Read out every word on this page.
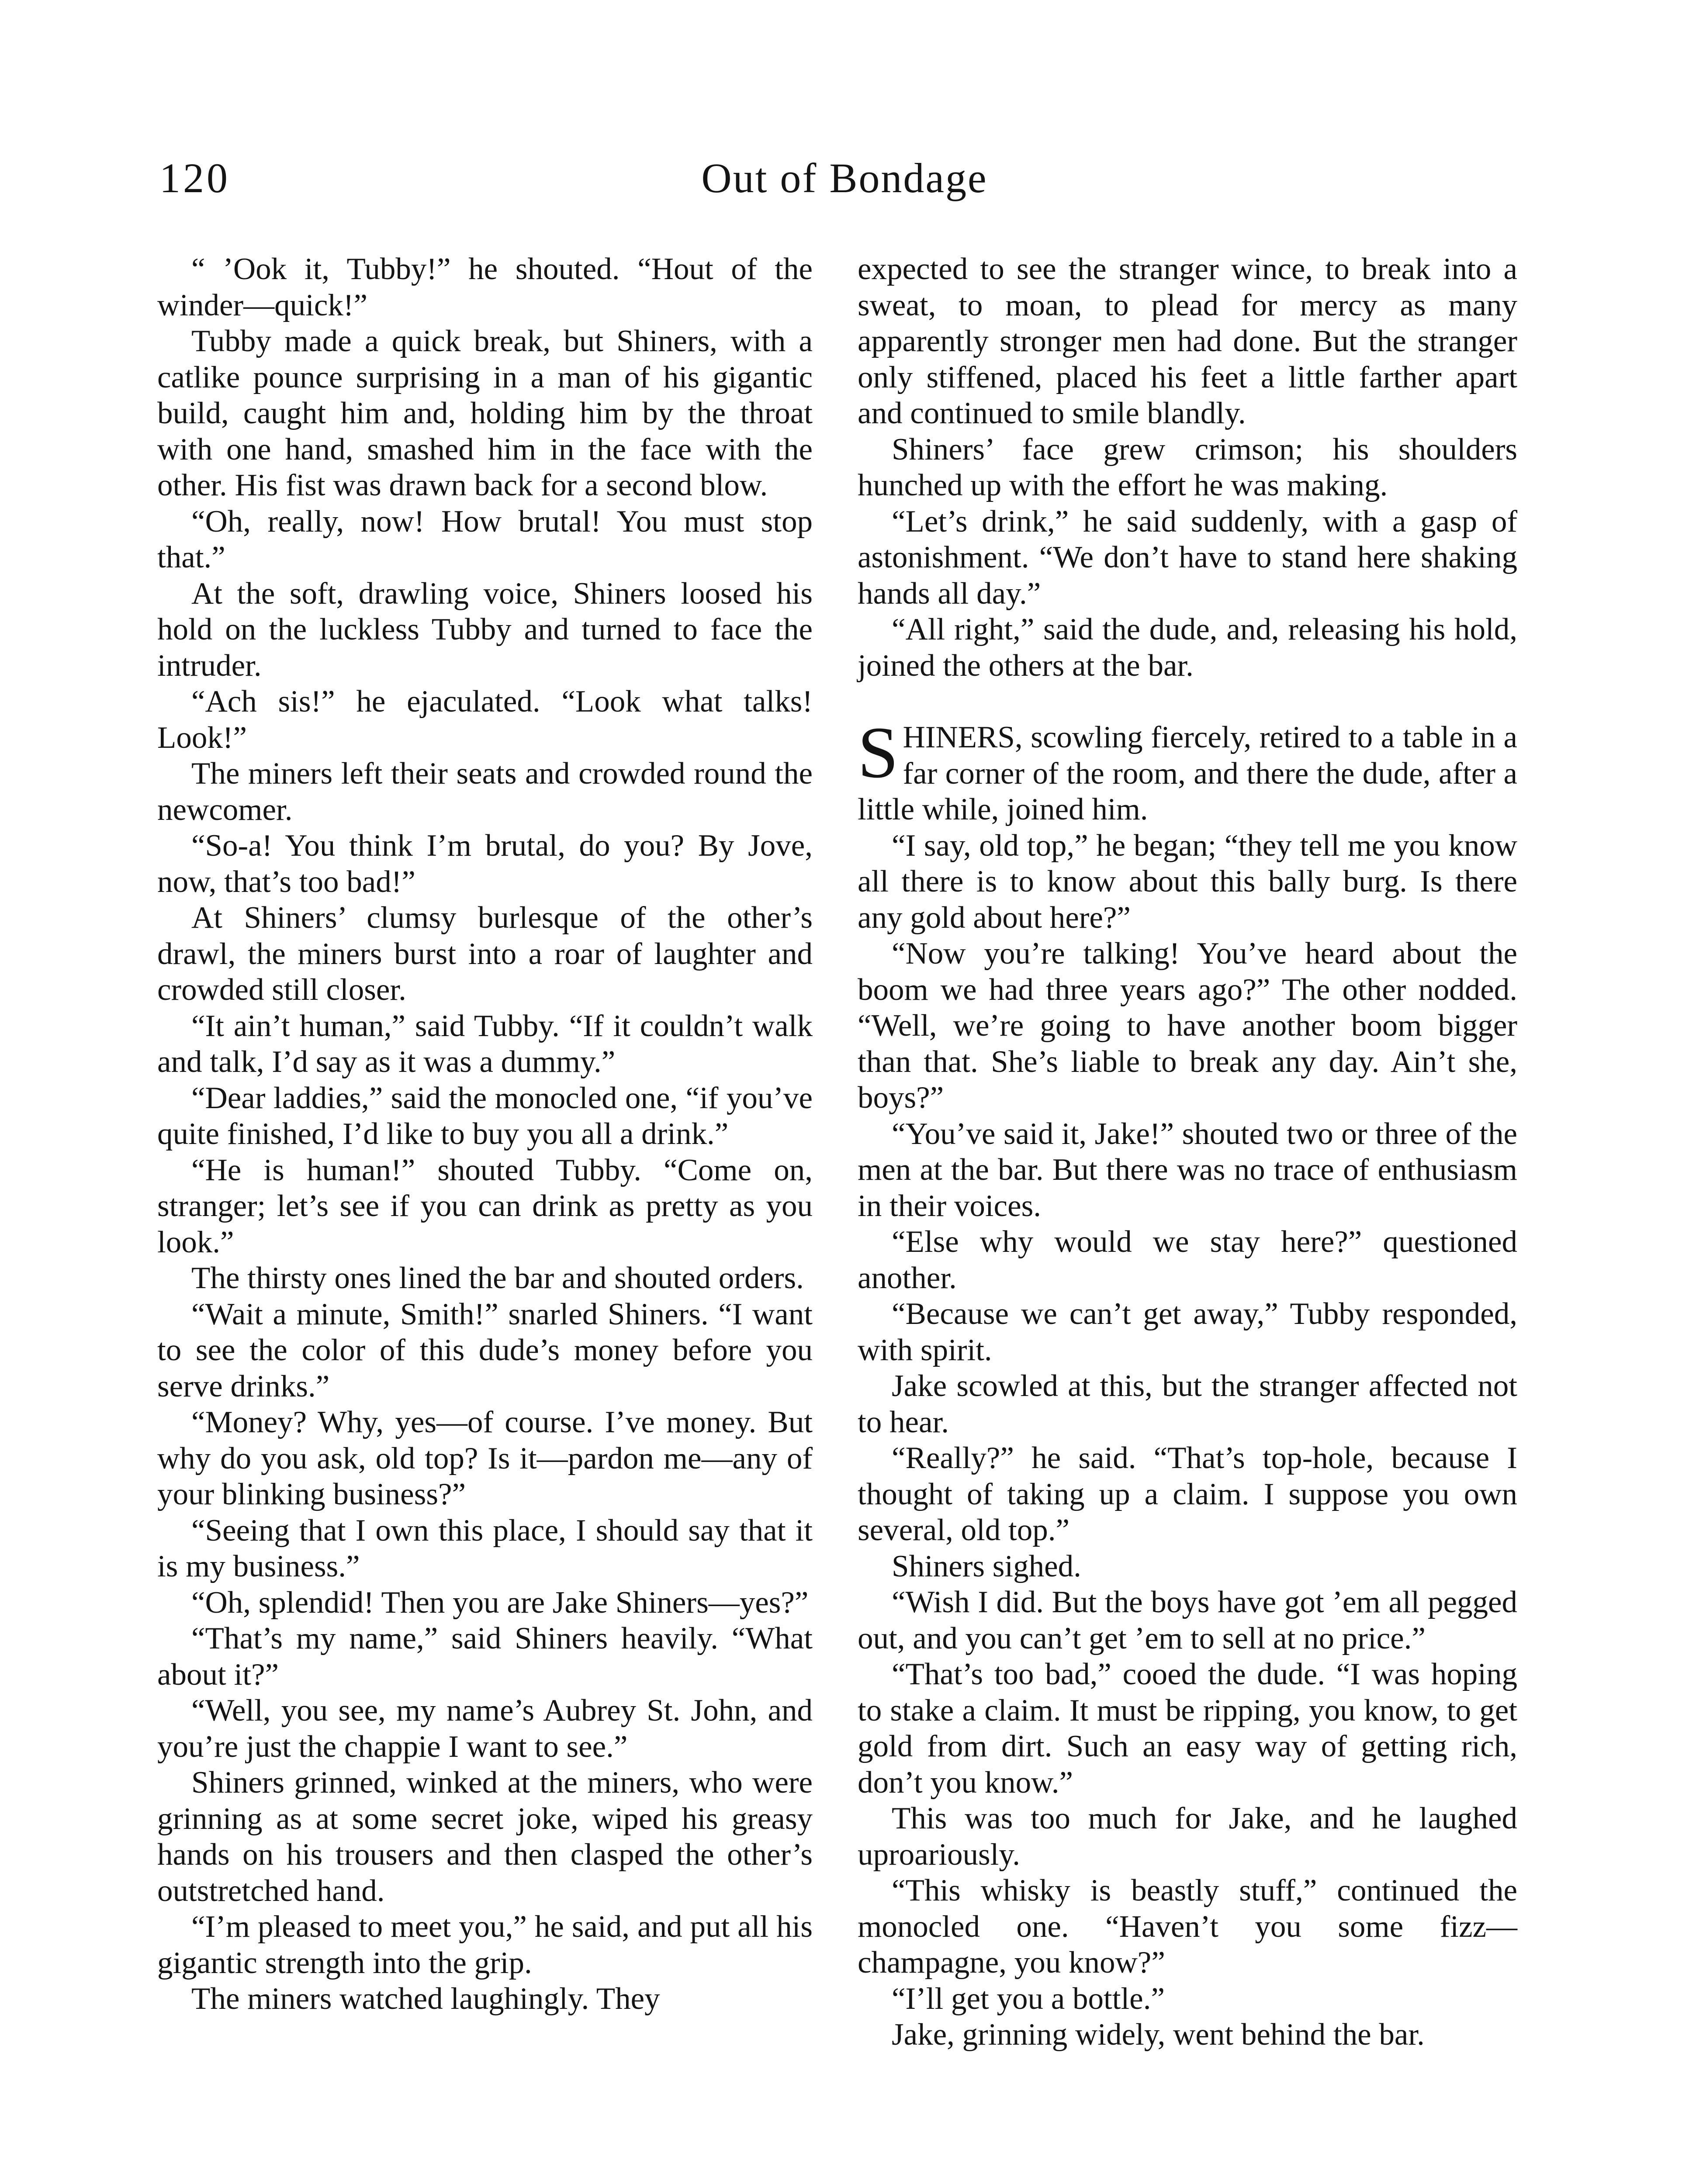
120	Out of Bondage

“ ’Ook it, Tubby!” he shouted. “Hout of the winder—quick!”

Tubby made a quick break, but Shiners, with a catlike pounce surprising in a man of his gigantic build, caught him and, holding him by the throat with one hand, smashed him in the face with the other. His fist was drawn back for a second blow.

“Oh, really, now! How brutal! You must stop that.”

At the soft, drawling voice, Shiners loosed his hold on the luckless Tubby and turned to face the intruder.

“Ach sis!” he ejaculated. “Look what talks! Look!”

The miners left their seats and crowded round the newcomer.

“So-a! You think I’m brutal, do you? By Jove, now, that’s too bad!”

At Shiners’ clumsy burlesque of the other’s drawl, the miners burst into a roar of laughter and crowded still closer.

“It ain’t human,” said Tubby. “If it couldn’t walk and talk, I’d say as it was a dummy.”

“Dear laddies,” said the monocled one, “if you’ve quite finished, I’d like to buy you all a drink.”

“He is human!” shouted Tubby. “Come on, stranger; let’s see if you can drink as pretty as you look.”

The thirsty ones lined the bar and shouted orders.

“Wait a minute, Smith!” snarled Shiners. “I want to see the color of this dude’s money before you serve drinks.”

“Money? Why, yes—of course. I’ve money. But why do you ask, old top? Is it—pardon me—any of your blinking business?”

“Seeing that I own this place, I should say that it is my business.”

“Oh, splendid! Then you are Jake Shiners—yes?”

“That’s my name,” said Shiners heavily. “What about it?”

“Well, you see, my name’s Aubrey St. John, and you’re just the chappie I want to see.”

Shiners grinned, winked at the miners, who were grinning as at some secret joke, wiped his greasy hands on his trousers and then clasped the other’s outstretched hand.

“I’m pleased to meet you,” he said, and put all his gigantic strength into the grip.

The miners watched laughingly. They

expected to see the stranger wince, to break into a sweat, to moan, to plead for mercy as many apparently stronger men had done. But the stranger only stiffened, placed his feet a little farther apart and continued to smile blandly.

Shiners’ face grew crimson; his shoulders hunched up with the effort he was making.

“Let’s drink,” he said suddenly, with a gasp of astonishment. “We don’t have to stand here shaking hands all day.”

“All right,” said the dude, and, releasing his hold, joined the others at the bar.

SHINERS, scowling fiercely, retired to a table in a far corner of the room, and there the dude, after a little while, joined him.

“I say, old top,” he began; “they tell me you know all there is to know about this bally burg. Is there any gold about here?”

“Now you’re talking! You’ve heard about the boom we had three years ago?” The other nodded. “Well, we’re going to have another boom bigger than that. She’s liable to break any day. Ain’t she, boys?”

“You’ve said it, Jake!” shouted two or three of the men at the bar. But there was no trace of enthusiasm in their voices.

“Else why would we stay here?” questioned another.

“Because we can’t get away,” Tubby responded, with spirit.

Jake scowled at this, but the stranger affected not to hear.

“Really?” he said. “That’s top-hole, because I thought of taking up a claim. I suppose you own several, old top.”

Shiners sighed.

“Wish I did. But the boys have got ’em all pegged out, and you can’t get ’em to sell at no price.”

“That’s too bad,” cooed the dude. “I was hoping to stake a claim. It must be ripping, you know, to get gold from dirt. Such an easy way of getting rich, don’t you know.”

This was too much for Jake, and he laughed uproariously.

“This whisky is beastly stuff,” continued the monocled one. “Haven’t you some fizz—champagne, you know?”

“I’ll get you a bottle.”

Jake, grinning widely, went behind the bar.
